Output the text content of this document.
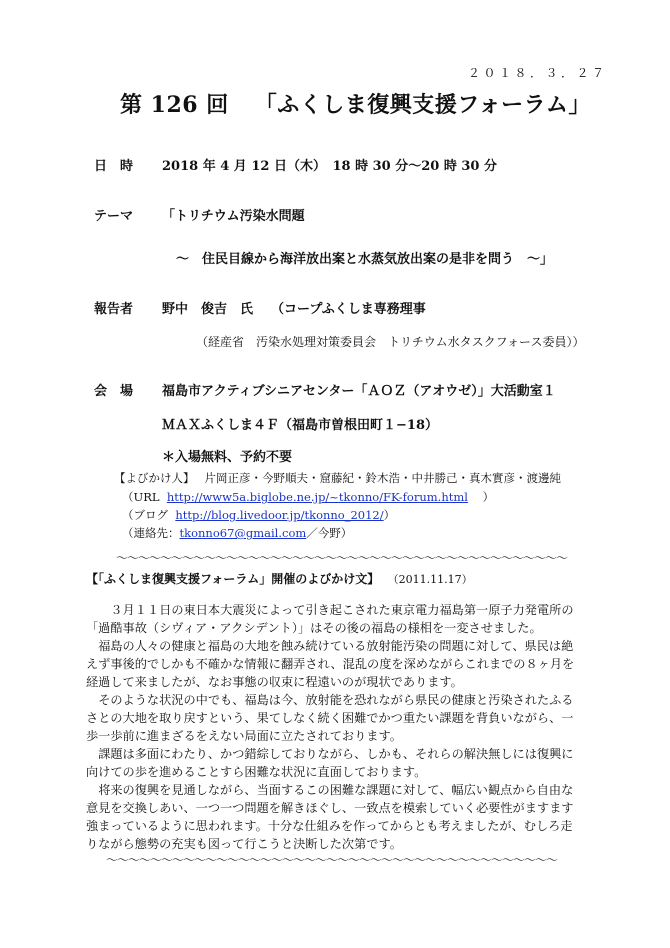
２０１８．３．２７
第 126 回 「ふくしま復興支援フォーラム」
日　時 2018 年 4 月 12 日（木）　18 時 30 分〜20 時 30 分
テーマ 「トリチウム汚染水問題
〜　住民目線から海洋放出案と水蒸気放出案の是非を問う　〜」
報告者 野中　俊吉　氏 （コープふくしま専務理事
（経産省　汚染水処理対策委員会　トリチウム水タスクフォース委員））
会　場 福島市アクティブシニアセンター「ＡＯＺ（アオウゼ）」大活動室１
ＭＡＸふくしま４Ｆ（福島市曽根田町１−18）
＊入場無料、予約不要
【よびかけ人】 片岡正彦・今野順夫・窟藤紀・鈴木浩・中井勝己・真木實彦・渡邊純
（URL http://www5a.biglobe.ne.jp/~tkonno/FK-forum.html ）
（ブログ http://blog.livedoor.jp/tkonno_2012/）
（連絡先：tkonno67@gmail.com／今野）
〜〜〜〜〜〜〜〜〜〜〜〜〜〜〜〜〜〜〜〜〜〜〜〜〜〜〜〜〜〜〜〜〜〜〜〜〜〜〜〜〜
【「ふくしま復興支援フォーラム」開催のよびかけ文】 （2011.11.17）

３月１１日の東日本大震災によって引き起こされた東京電力福島第一原子力発電所の「過酷事故（シヴィア・アクシデント）」はその後の福島の様相を一変させました。

福島の人々の健康と福島の大地を蝕み続けている放射能汚染の問題に対して、県民は絶えず事後的でしかも不確かな情報に翻弄され、混乱の度を深めながらこれまでの８ヶ月を経過して来ましたが、なお事態の収束に程遠いのが現状であります。

そのような状況の中でも、福島は今、放射能を恐れながら県民の健康と汚染されたふるさとの大地を取り戻すという、果てしなく続く困難でかつ重たい課題を背負いながら、一歩一歩前に進まざるをえない局面に立たされております。

課題は多面にわたり、かつ錯綜しておりながら、しかも、それらの解決無しには復興に向けての歩を進めることすら困難な状況に直面しております。

将来の復興を見通しながら、当面するこの困難な課題に対して、幅広い観点から自由な意見を交換しあい、一つ一つ問題を解きほぐし、一致点を模索していく必要性がますます強まっているように思われます。十分な仕組みを作ってからとも考えましたが、むしろ走りながら態勢の充実も図って行こうと決断した次第です。

〜〜〜〜〜〜〜〜〜〜〜〜〜〜〜〜〜〜〜〜〜〜〜〜〜〜〜〜〜〜〜〜〜〜〜〜〜〜〜〜〜
